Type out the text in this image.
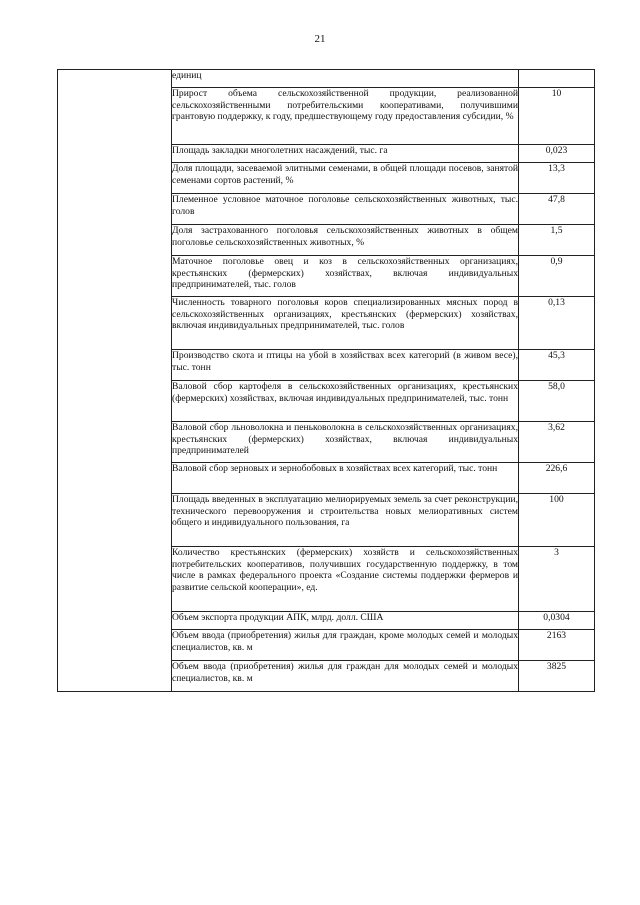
21
	единиц	
	Прирост объема сельскохозяйственной продукции, реализованной сельскохозяйственными потребительскими кооперативами, получившими грантовую поддержку, к году, предшествующему году предоставления субсидии, %	10
	Площадь закладки многолетних насаждений, тыс. га	0,023
	Доля площади, засеваемой элитными семенами, в общей площади посевов, занятой семенами сортов растений, %	13,3
	Племенное условное маточное поголовье сельскохозяйственных животных, тыс. голов	47,8
	Доля застрахованного поголовья сельскохозяйственных животных в общем поголовье сельскохозяйственных животных, %	1,5
	Маточное поголовье овец и коз в сельскохозяйственных организациях, крестьянских (фермерских) хозяйствах, включая индивидуальных предпринимателей, тыс. голов	0,9
	Численность товарного поголовья коров специализированных мясных пород в сельскохозяйственных организациях, крестьянских (фермерских) хозяйствах, включая индивидуальных предпринимателей, тыс. голов	0,13
	Производство скота и птицы на убой в хозяйствах всех категорий (в живом весе), тыс. тонн	45,3
	Валовой сбор картофеля в сельскохозяйственных организациях, крестьянских (фермерских) хозяйствах, включая индивидуальных предпринимателей, тыс. тонн	58,0
	Валовой сбор льноволокна и пеньковолокна в сельскохозяйственных организациях, крестьянских (фермерских) хозяйствах, включая индивидуальных предпринимателей	3,62
	Валовой сбор зерновых и зернобобовых в хозяйствах всех категорий, тыс. тонн	226,6
	Площадь введенных в эксплуатацию мелиорируемых земель за счет реконструкции, технического перевооружения и строительства новых мелиоративных систем общего и индивидуального пользования, га	100
	Количество крестьянских (фермерских) хозяйств и сельскохозяйственных потребительских кооперативов, получивших государственную поддержку, в том числе в рамках федерального проекта «Создание системы поддержки фермеров и развитие сельской кооперации», ед.	3
	Объем экспорта продукции АПК, млрд. долл. США	0,0304
	Объем ввода (приобретения) жилья для граждан, кроме молодых семей и молодых специалистов, кв. м	2163
	Объем ввода (приобретения) жилья для граждан для молодых семей и молодых специалистов, кв. м	3825
